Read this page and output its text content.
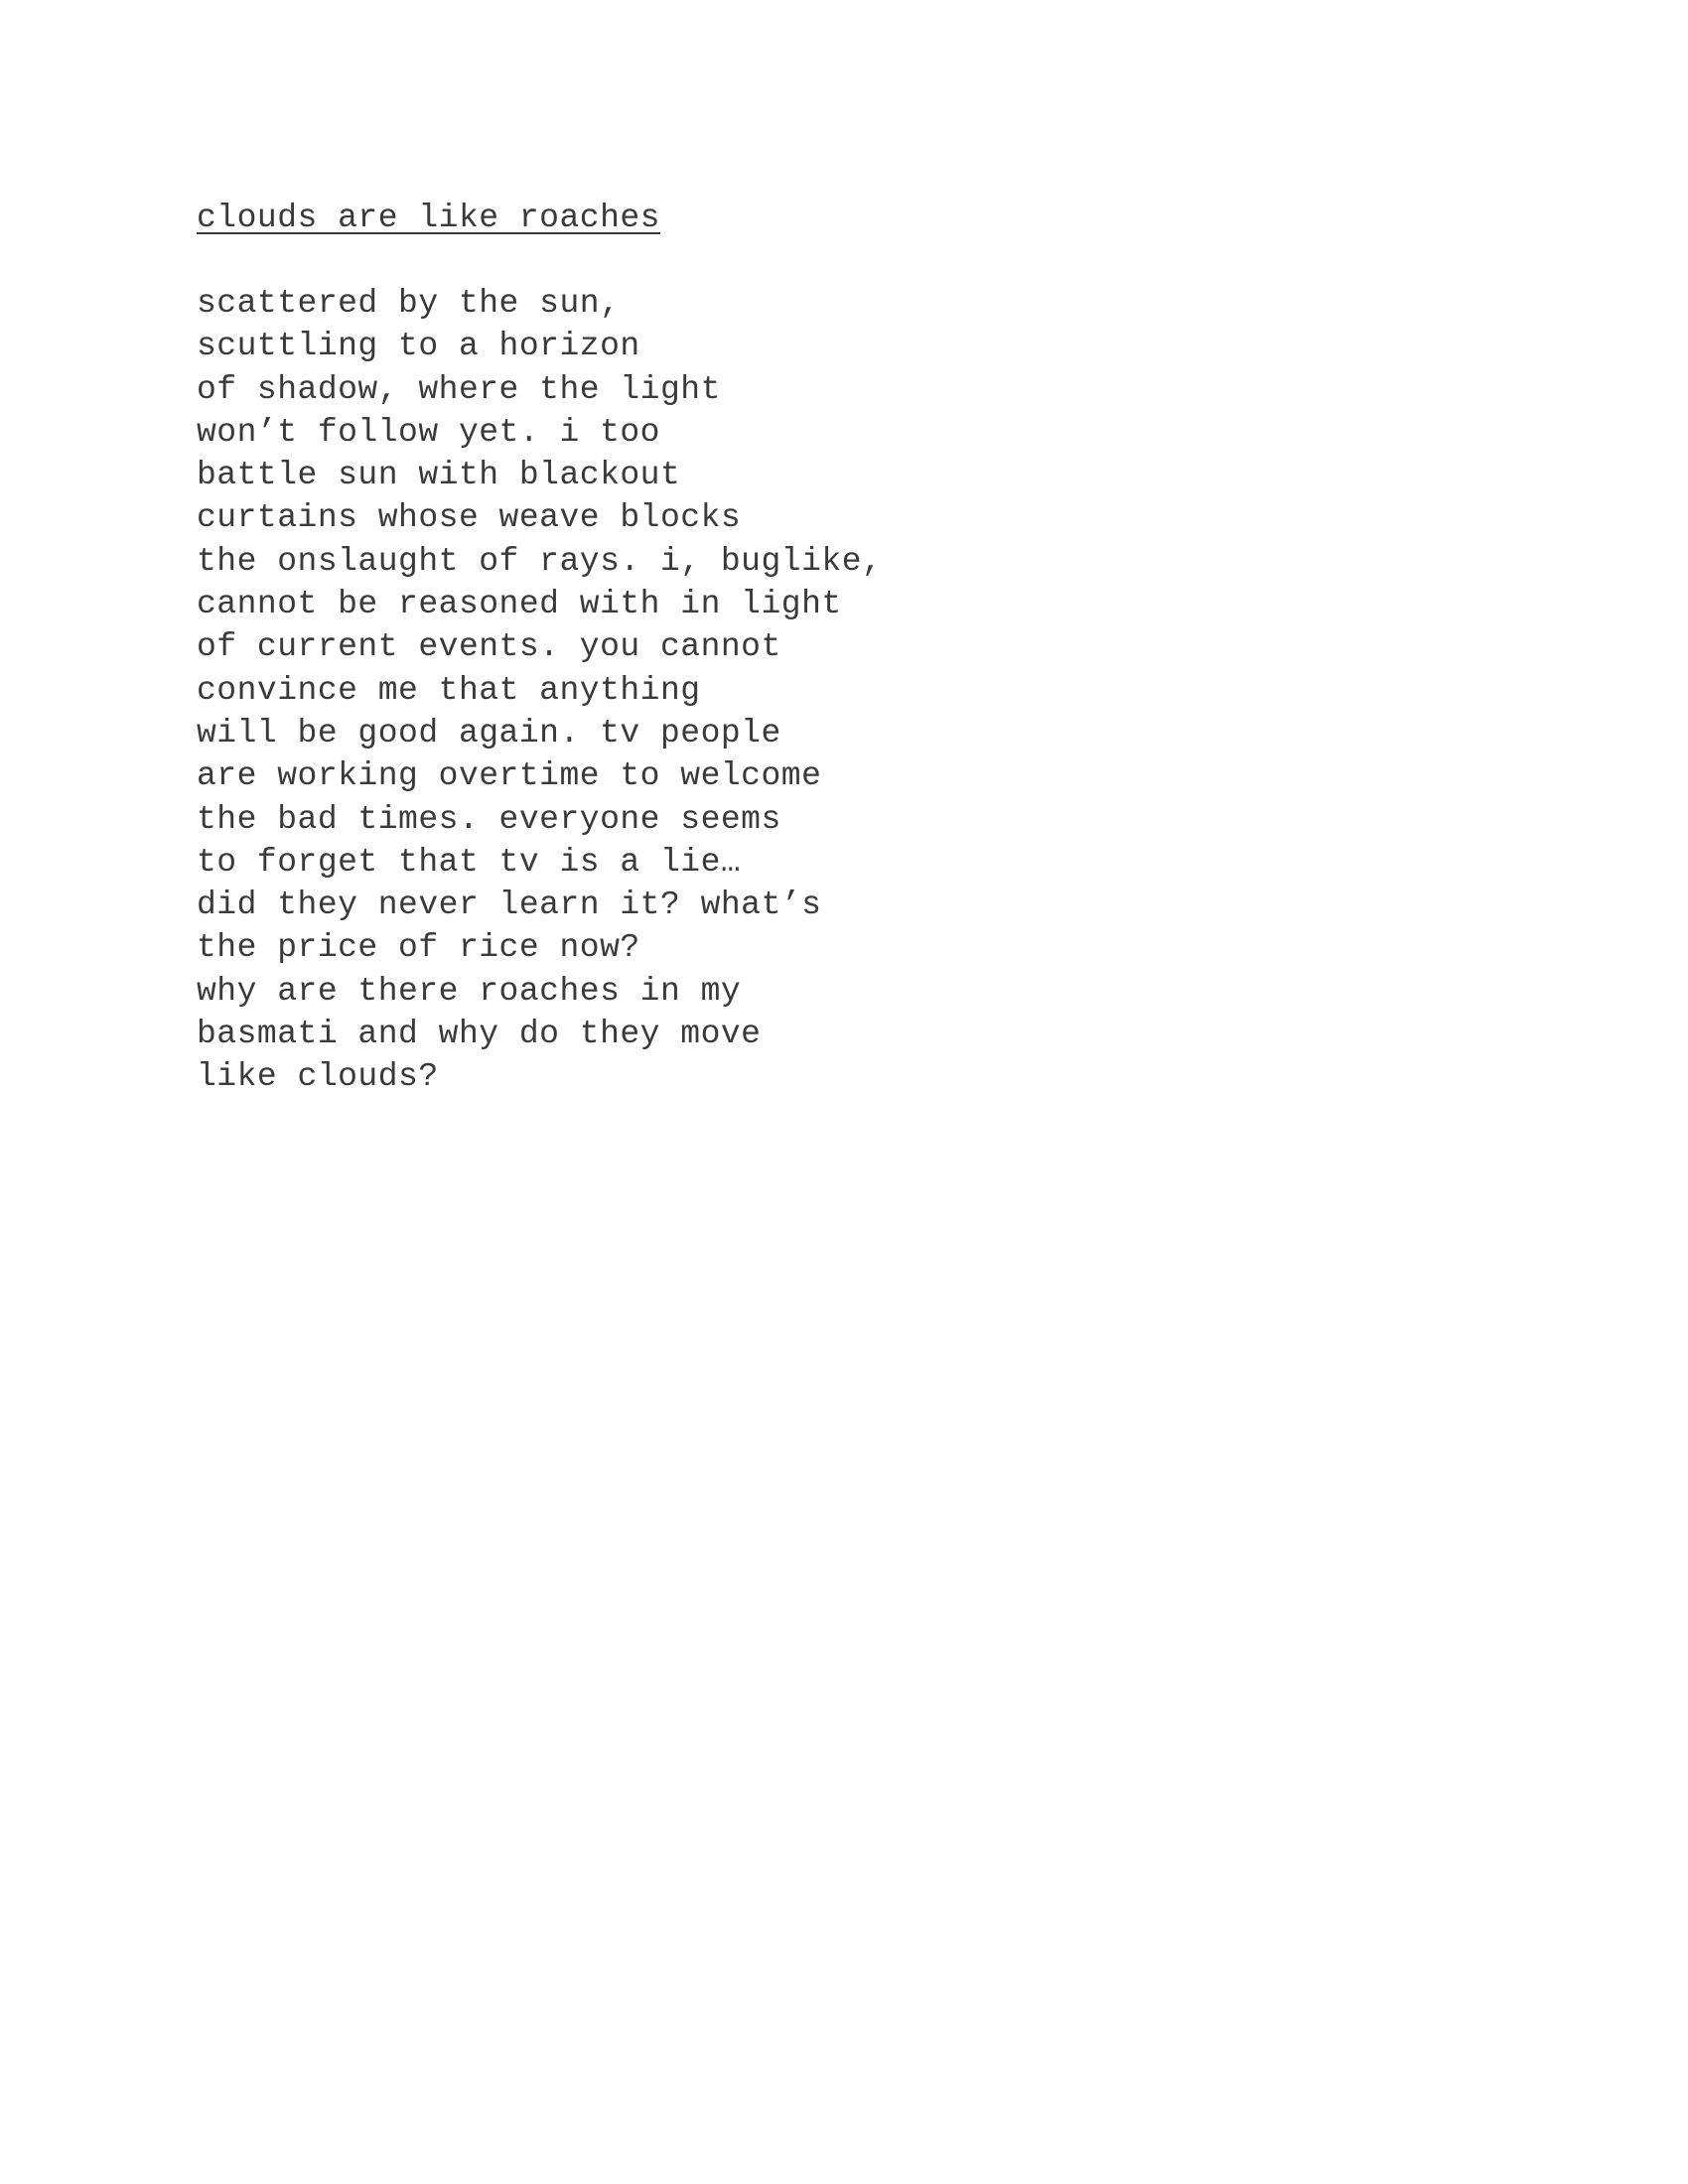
clouds are like roaches
scattered by the sun,
scuttling to a horizon
of shadow, where the light
won’t follow yet. i too
battle sun with blackout
curtains whose weave blocks
the onslaught of rays. i, buglike,
cannot be reasoned with in light
of current events. you cannot
convince me that anything
will be good again. tv people
are working overtime to welcome
the bad times. everyone seems
to forget that tv is a lie…
did they never learn it? what’s
the price of rice now?
why are there roaches in my
basmati and why do they move
like clouds?
